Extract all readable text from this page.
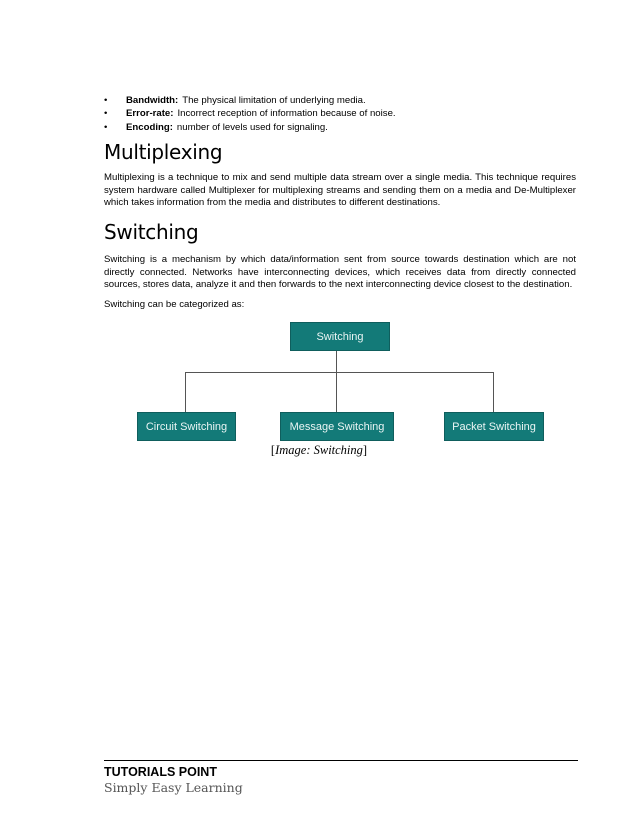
• Bandwidth: The physical limitation of underlying media.
• Error-rate: Incorrect reception of information because of noise.
• Encoding: number of levels used for signaling.
Multiplexing

Multiplexing is a technique to mix and send multiple data stream over a single media. This technique requires system hardware called Multiplexer for multiplexing streams and sending them on a media and De-Multiplexer which takes information from the media and distributes to different destinations.

Switching

Switching is a mechanism by which data/information sent from source towards destination which are not directly connected. Networks have interconnecting devices, which receives data from directly connected sources, stores data, analyze it and then forwards to the next interconnecting device closest to the destination.

Switching can be categorized as:

Switching
Circuit Switching	Message Switching	Packet Switching
[Image: Switching]
TUTORIALS POINT
Simply Easy Learning
